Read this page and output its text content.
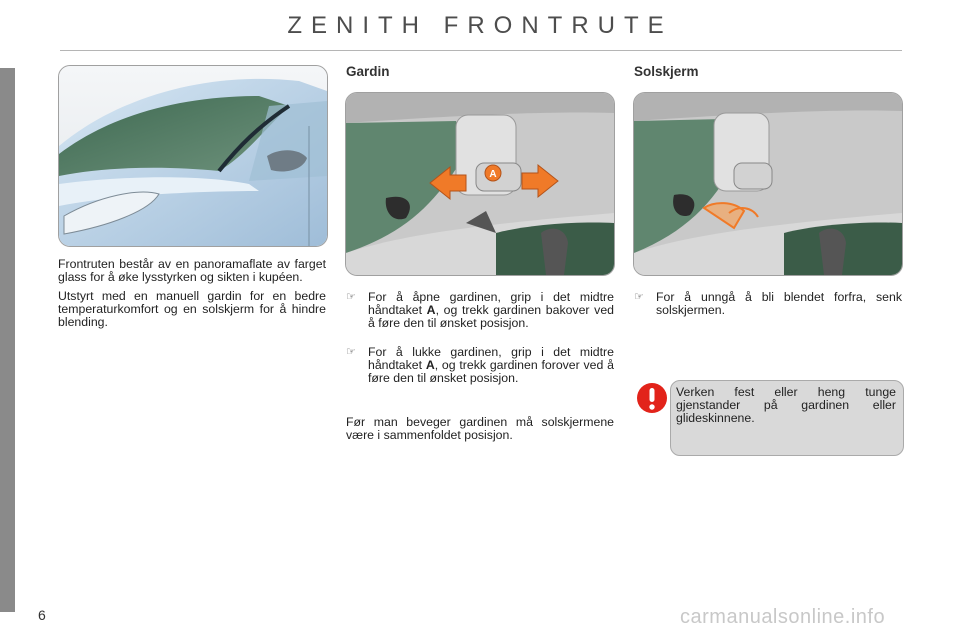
ZENITH FRONTRUTE

Frontruten består av en panoramaflate av farget glass for å øke lysstyrken og sikten i kupéen.

Utstyrt med en manuell gardin for en bedre temperaturkomfort og en solskjerm for å hindre blending.

Gardin
A
☞ For å åpne gardinen, grip i det midtre håndtaket A, og trekk gardinen bakover ved å føre den til ønsket posisjon.
☞ For å lukke gardinen, grip i det midtre håndtaket A, og trekk gardinen forover ved å føre den til ønsket posisjon.
Før man beveger gardinen må solskjermene være i sammenfoldet posisjon.
Solskjerm
☞ For å unngå å bli blendet forfra, senk solskjermen.
Verken fest eller heng tunge gjenstander på gardinen eller glideskinnene.
6	carmanualsonline.info
